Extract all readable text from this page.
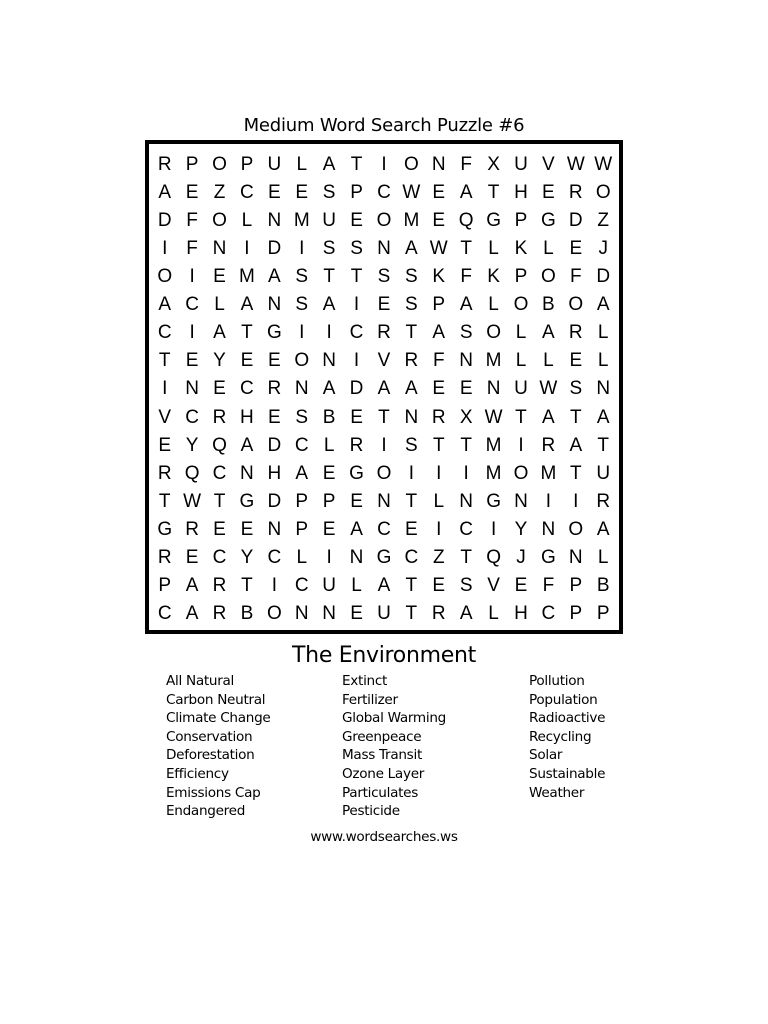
Medium Word Search Puzzle #6
R P O P U L A T I O N F X U V W W
A E Z C E E S P C W E A T H E R O
D F O L N M U E O M E Q G P G D Z
I F N I D I S S N A W T L K L E J
O I E M A S T T S S K F K P O F D
A C L A N S A I E S P A L O B O A
C I A T G I	I C R T A S O L A R L
T E Y E E O N I V R F N M L L E L
I N E C R N A D A A E E N U W S N
V C R H E S B E T N R X W T A T A
E Y Q A D C L R I S T T M I R A T
R Q C N H A E G O I	I	I M O M T U
T W T G D P P E N T L N G N I	I R
G R E E N P E A C E I C I Y N O A
R E C Y C L	I N G C Z T Q J G N L
P A R T I C U L A T E S V E F P B
C A R B O N N E U T R A L H C P P
The Environment
All Natural
Carbon Neutral
Climate Change
Conservation
Deforestation
Efficiency
Emissions Cap
Endangered
Extinct
Fertilizer
Global Warming
Greenpeace
Mass Transit
Ozone Layer
Particulates
Pesticide
Pollution
Population
Radioactive
Recycling
Solar
Sustainable
Weather
www.wordsearches.ws
